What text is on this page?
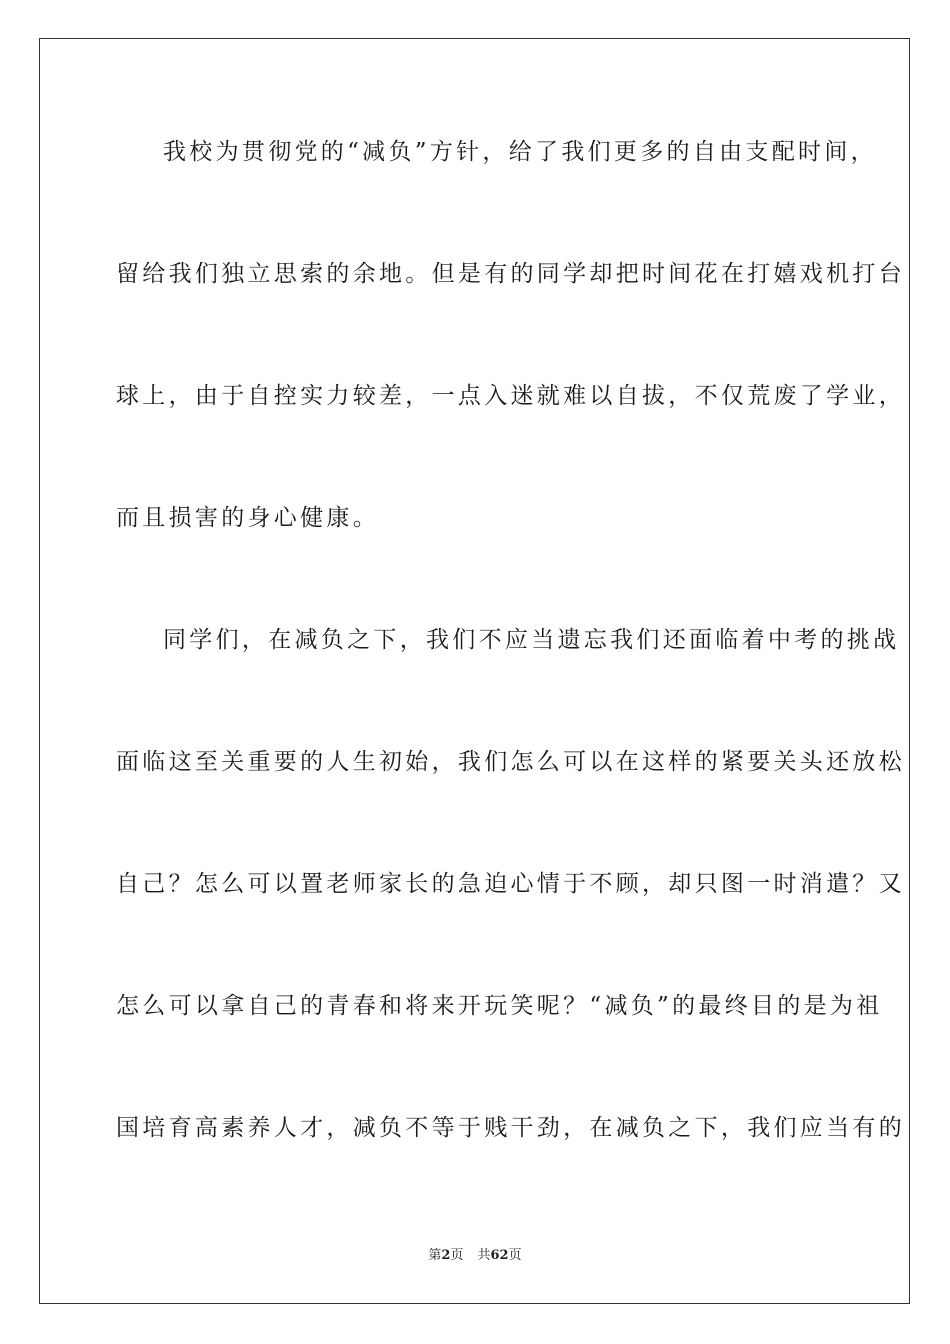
我校为贯彻党的“减负”方针，给了我们更多的自由支配时间，
留给我们独立思索的余地。但是有的同学却把时间花在打嬉戏机打台
球上，由于自控实力较差，一点入迷就难以自拔，不仅荒废了学业，
而且损害的身心健康。
同学们，在减负之下，我们不应当遗忘我们还面临着中考的挑战
面临这至关重要的人生初始，我们怎么可以在这样的紧要关头还放松
自己？怎么可以置老师家长的急迫心情于不顾，却只图一时消遣？又
怎么可以拿自己的青春和将来开玩笑呢？“减负”的最终目的是为祖
国培育高素养人才，减负不等于贱干劲，在减负之下，我们应当有的
第2页 共62页
